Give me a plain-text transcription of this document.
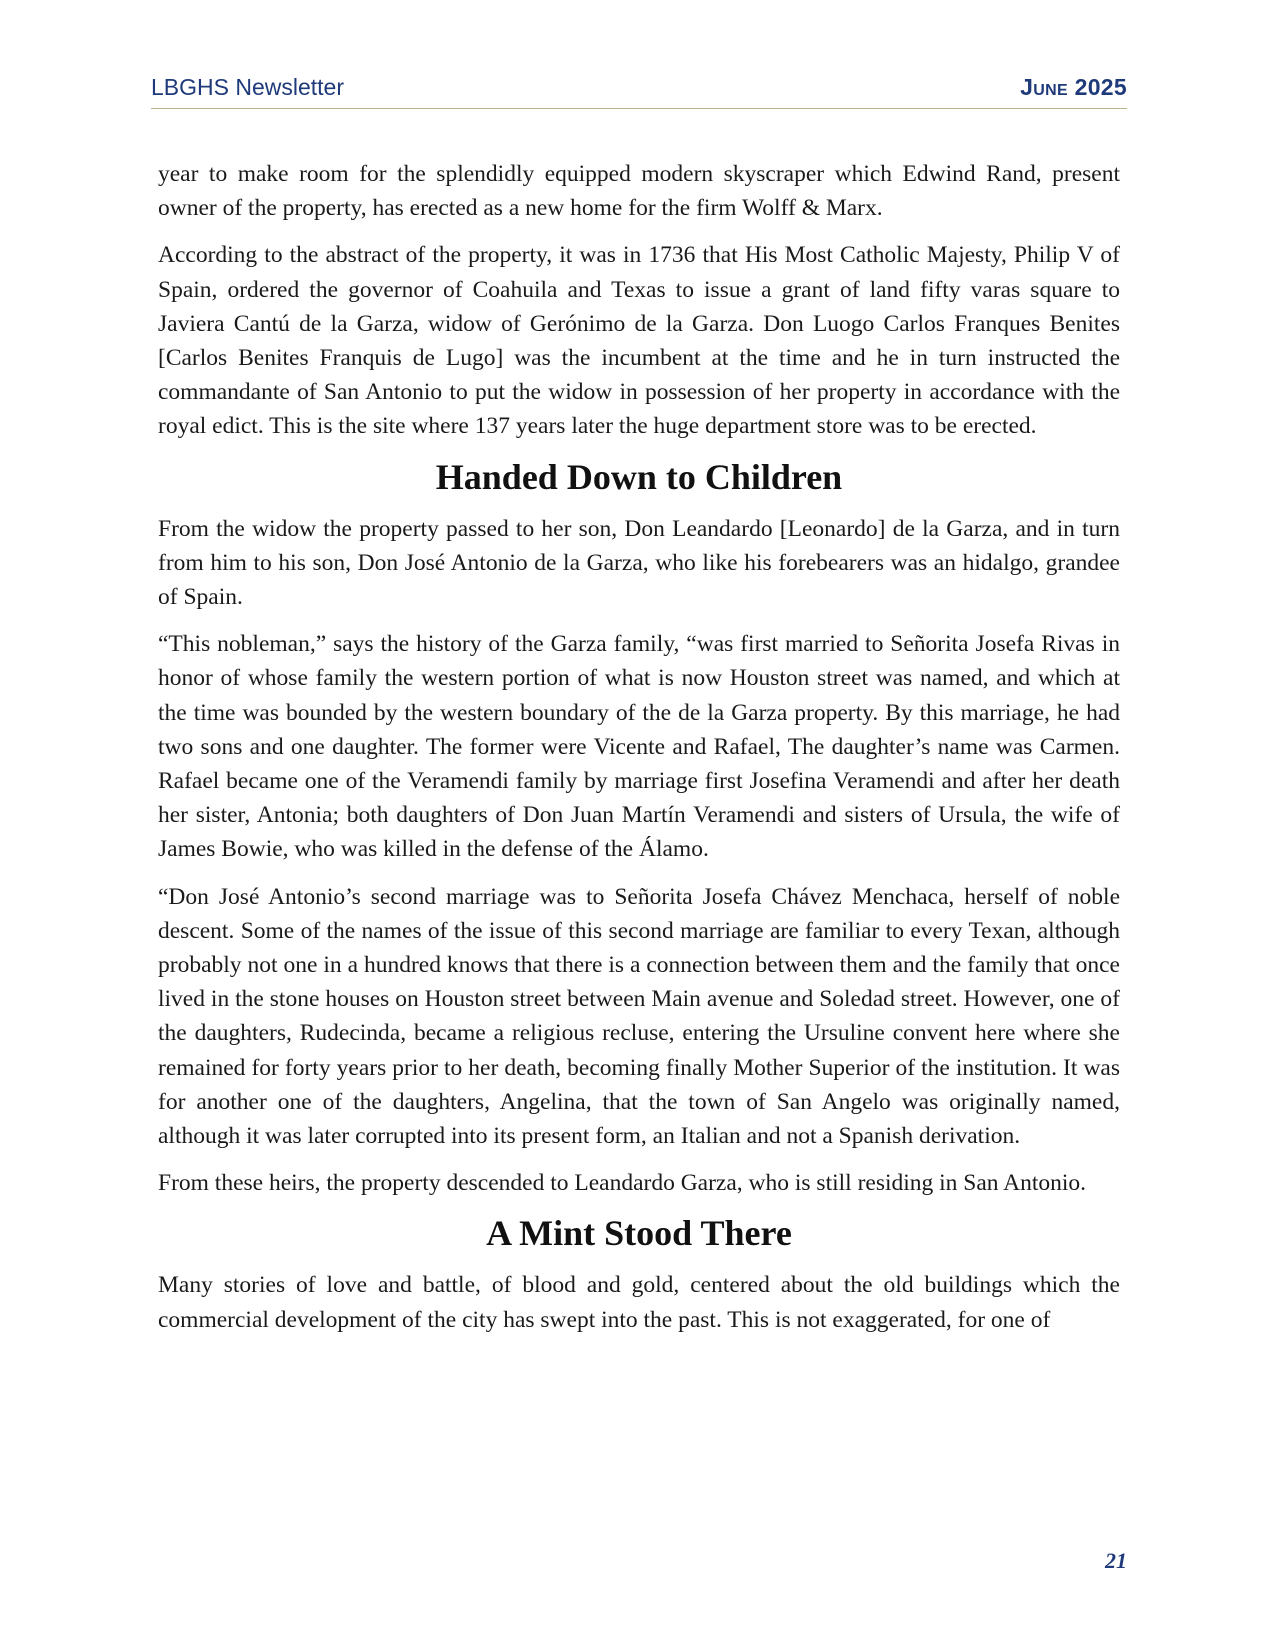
LBGHS Newsletter	June 2025

year to make room for the splendidly equipped modern skyscraper which Edwind Rand, present owner of the property, has erected as a new home for the firm Wolff & Marx.

According to the abstract of the property, it was in 1736 that His Most Catholic Majesty, Philip V of Spain, ordered the governor of Coahuila and Texas to issue a grant of land fifty varas square to Javiera Cantú de la Garza, widow of Gerónimo de la Garza. Don Luogo Carlos Franques Benites [Carlos Benites Franquis de Lugo] was the incumbent at the time and he in turn instructed the commandante of San Antonio to put the widow in possession of her property in accordance with the royal edict. This is the site where 137 years later the huge department store was to be erected.

Handed Down to Children

From the widow the property passed to her son, Don Leandardo [Leonardo] de la Garza, and in turn from him to his son, Don José Antonio de la Garza, who like his forebearers was an hidalgo, grandee of Spain.

“This nobleman,” says the history of the Garza family, “was first married to Señorita Josefa Rivas in honor of whose family the western portion of what is now Houston street was named, and which at the time was bounded by the western boundary of the de la Garza property. By this marriage, he had two sons and one daughter. The former were Vicente and Rafael, The daughter’s name was Carmen. Rafael became one of the Veramendi family by marriage first Josefina Veramendi and after her death her sister, Antonia; both daughters of Don Juan Martín Veramendi and sisters of Ursula, the wife of James Bowie, who was killed in the defense of the Álamo.

“Don José Antonio’s second marriage was to Señorita Josefa Chávez Menchaca, herself of noble descent. Some of the names of the issue of this second marriage are familiar to every Texan, although probably not one in a hundred knows that there is a connection between them and the family that once lived in the stone houses on Houston street between Main avenue and Soledad street. However, one of the daughters, Rudecinda, became a religious recluse, entering the Ursuline convent here where she remained for forty years prior to her death, becoming finally Mother Superior of the institution. It was for another one of the daughters, Angelina, that the town of San Angelo was originally named, although it was later corrupted into its present form, an Italian and not a Spanish derivation.

From these heirs, the property descended to Leandardo Garza, who is still residing in San Antonio.

A Mint Stood There

Many stories of love and battle, of blood and gold, centered about the old buildings which the commercial development of the city has swept into the past. This is not exaggerated, for one of

21
